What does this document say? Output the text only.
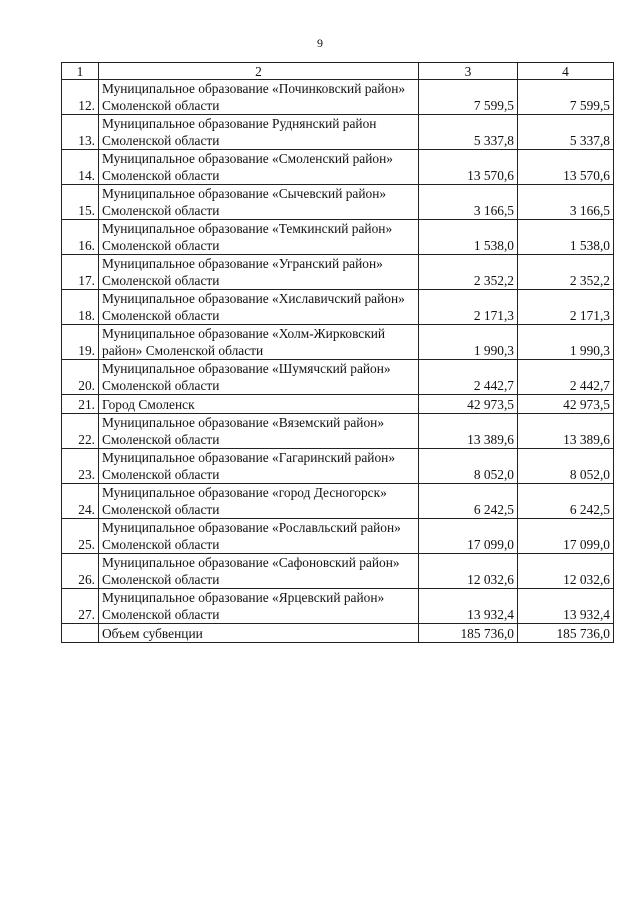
9
1	2	3	4
12.	Муниципальное образование «Починковский район» Смоленской области	7 599,5	7 599,5
13.	Муниципальное образование Руднянский район Смоленской области	5 337,8	5 337,8
14.	Муниципальное образование «Смоленский район» Смоленской области	13 570,6	13 570,6
15.	Муниципальное образование «Сычевский район» Смоленской области	3 166,5	3 166,5
16.	Муниципальное образование «Темкинский район» Смоленской области	1 538,0	1 538,0
17.	Муниципальное образование «Угранский район» Смоленской области	2 352,2	2 352,2
18.	Муниципальное образование «Хиславичский район» Смоленской области	2 171,3	2 171,3
19.	Муниципальное образование «Холм-Жирковский район» Смоленской области	1 990,3	1 990,3
20.	Муниципальное образование «Шумячский район» Смоленской области	2 442,7	2 442,7
21.	Город Смоленск	42 973,5	42 973,5
22.	Муниципальное образование «Вяземский район» Смоленской области	13 389,6	13 389,6
23.	Муниципальное образование «Гагаринский район» Смоленской области	8 052,0	8 052,0
24.	Муниципальное образование «город Десногорск» Смоленской области	6 242,5	6 242,5
25.	Муниципальное образование «Рославльский район» Смоленской области	17 099,0	17 099,0
26.	Муниципальное образование «Сафоновский район» Смоленской области	12 032,6	12 032,6
27.	Муниципальное образование «Ярцевский район» Смоленской области	13 932,4	13 932,4
	Объем субвенции	185 736,0	185 736,0
